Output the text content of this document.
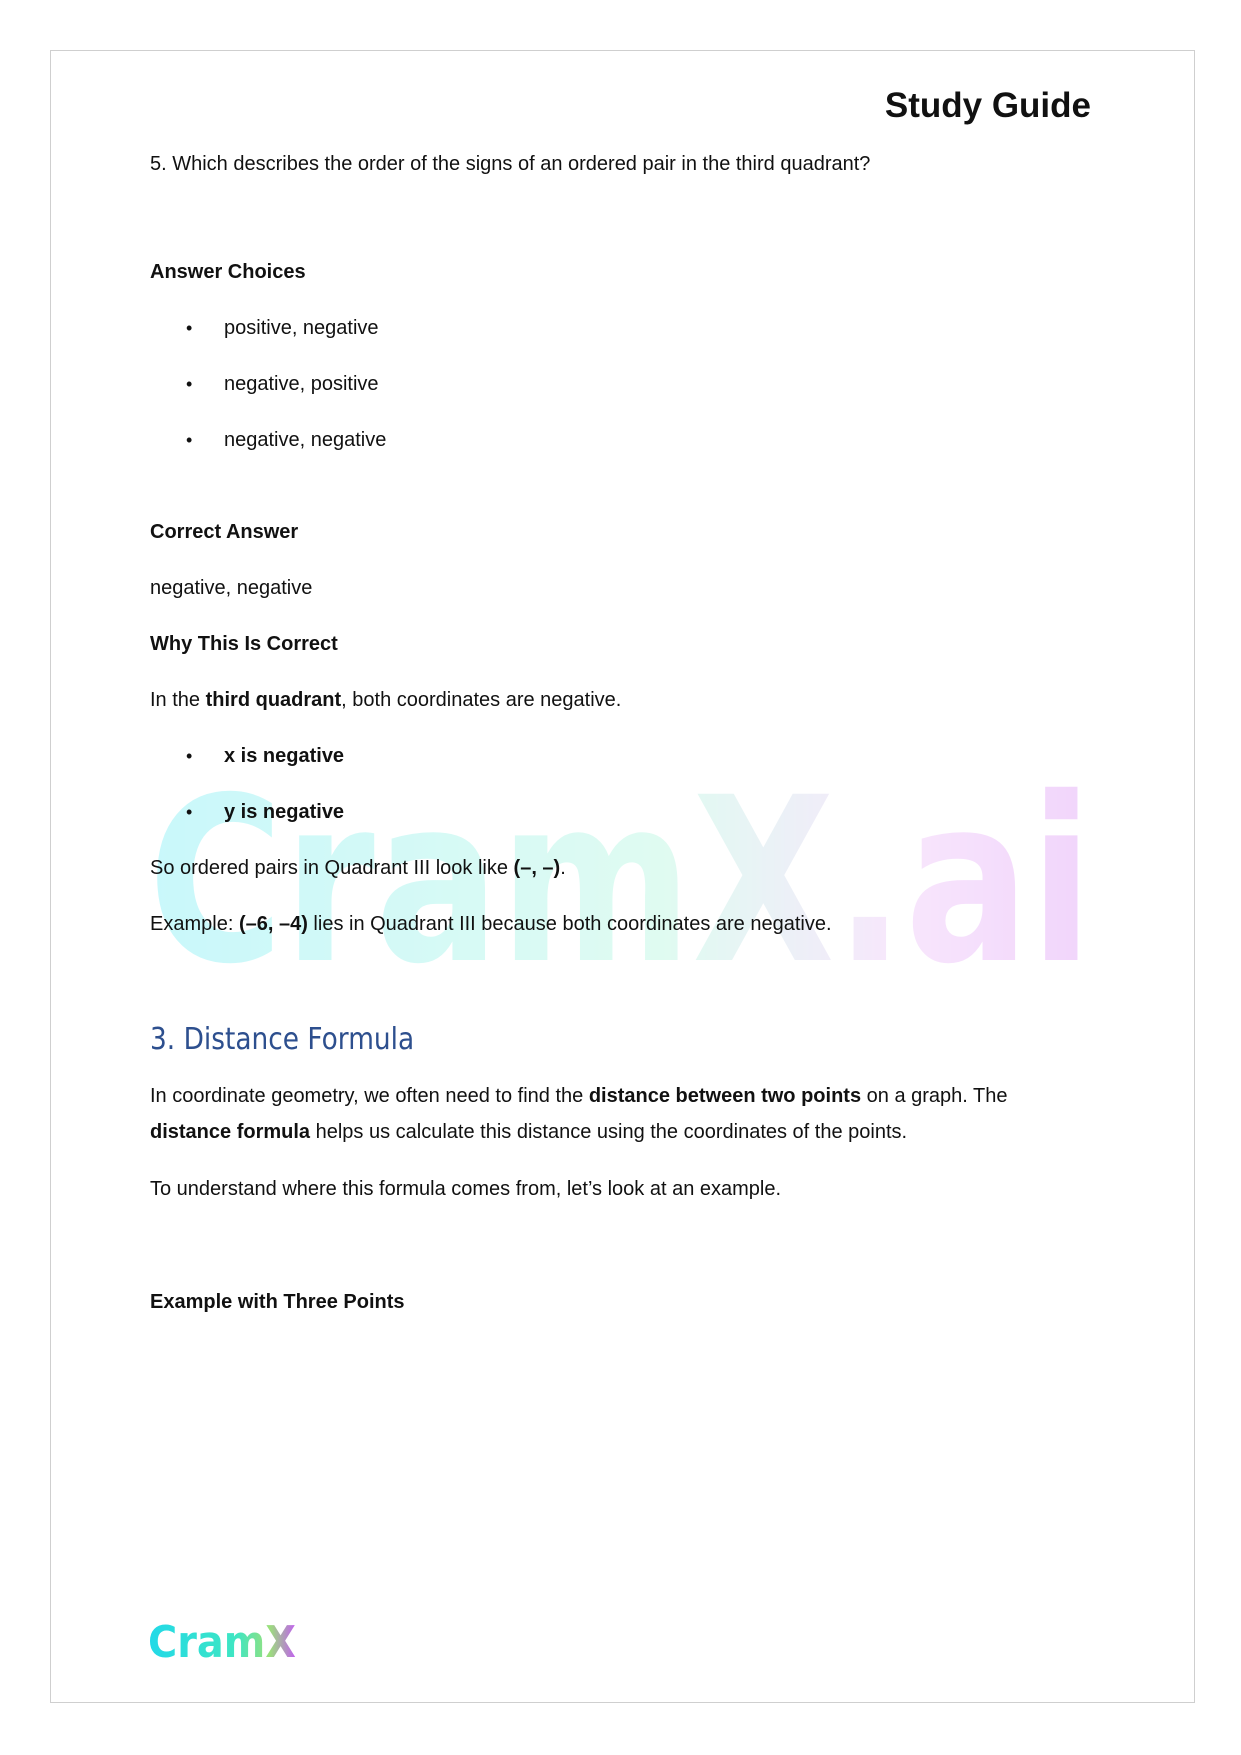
CramX.ai
Study Guide

5. Which describes the order of the signs of an ordered pair in the third quadrant?

Answer Choices

• positive, negative
• negative, positive
• negative, negative

Correct Answer

negative, negative

Why This Is Correct

In the third quadrant, both coordinates are negative.

• x is negative
• y is negative

So ordered pairs in Quadrant III look like (–, –).

Example: (–6, –4) lies in Quadrant III because both coordinates are negative.

3. Distance Formula

In coordinate geometry, we often need to find the distance between two points on a graph. The distance formula helps us calculate this distance using the coordinates of the points.

To understand where this formula comes from, let’s look at an example.

Example with Three Points

CramX
